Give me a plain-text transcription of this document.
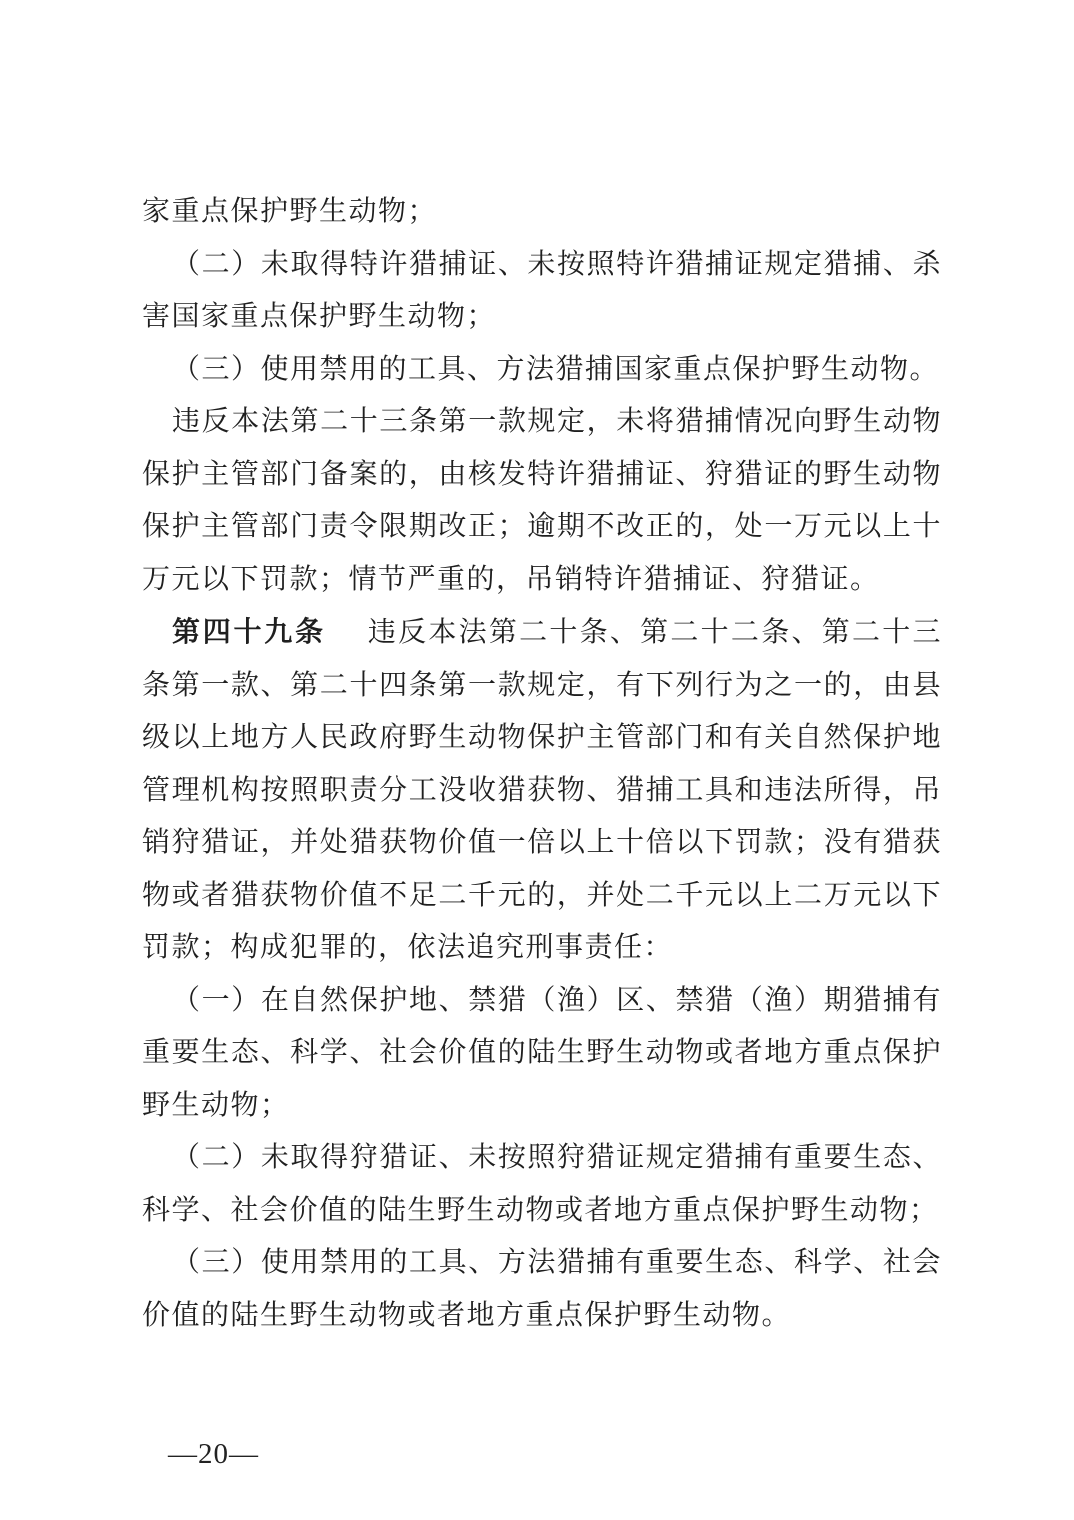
家重点保护野生动物；

（二）未取得特许猎捕证、未按照特许猎捕证规定猎捕、杀害国家重点保护野生动物；

（三）使用禁用的工具、方法猎捕国家重点保护野生动物。

违反本法第二十三条第一款规定，未将猎捕情况向野生动物保护主管部门备案的，由核发特许猎捕证、狩猎证的野生动物保护主管部门责令限期改正；逾期不改正的，处一万元以上十万元以下罚款；情节严重的，吊销特许猎捕证、狩猎证。

第四十九条 违反本法第二十条、第二十二条、第二十三条第一款、第二十四条第一款规定，有下列行为之一的，由县级以上地方人民政府野生动物保护主管部门和有关自然保护地管理机构按照职责分工没收猎获物、猎捕工具和违法所得，吊销狩猎证，并处猎获物价值一倍以上十倍以下罚款；没有猎获物或者猎获物价值不足二千元的，并处二千元以上二万元以下罚款；构成犯罪的，依法追究刑事责任：

（一）在自然保护地、禁猎（渔）区、禁猎（渔）期猎捕有重要生态、科学、社会价值的陆生野生动物或者地方重点保护野生动物；

（二）未取得狩猎证、未按照狩猎证规定猎捕有重要生态、科学、社会价值的陆生野生动物或者地方重点保护野生动物；

（三）使用禁用的工具、方法猎捕有重要生态、科学、社会价值的陆生野生动物或者地方重点保护野生动物。

—20—
